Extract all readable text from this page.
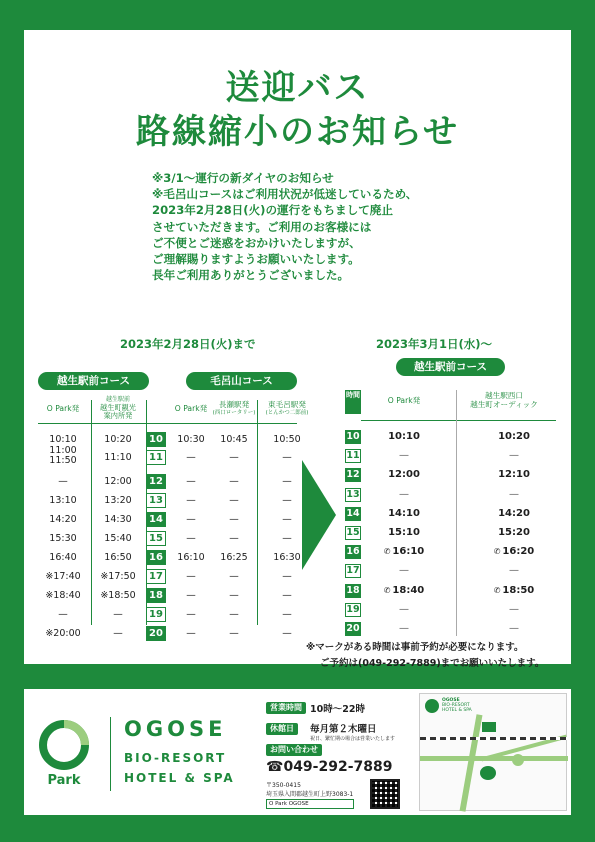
送迎バス
路線縮小のお知らせ
※3/1～運行の新ダイヤのお知らせ
※毛呂山コースはご利用状況が低迷しているため、
2023年2月28日(火)の運行をもちまして廃止
させていただきます。ご利用のお客様には
ご不便とご迷惑をおかけいたしますが、
ご理解賜りますようお願いいたします。
長年ご利用ありがとうございました。
2023年2月28日(火)まで
越生駅前コース	毛呂山コース
O Park発
越生駅前
越生町観光
案内所発
O Park発	長瀬駅発
(西口ロータリー)
東毛呂駅発
(とんかつ二郎前)
10:10	10:20	10	10:30	10:45	10:50
11:00
11:50	11:10	11	—	—	—
—	12:00	12	—	—	—
13:10	13:20	13	—	—	—
14:20	14:30	14	—	—	—
15:30	15:40	15	—	—	—
16:40	16:50	16	16:10	16:25	16:30
※17:40	※17:50	17	—	—	—
※18:40	※18:50	18	—	—	—
—	—	19	—	—	—
※20:00	—	20	—	—	—
2023年3月1日(水)～
越生駅前コース
時間
O Park発
越生駅西口
越生町オーディック
10	10:10	10:20
11	—	—
12	12:00	12:10
13	—	—
14	14:10	14:20
15	15:10	15:20
16	✆ 16:10	✆ 16:20
17	—	—
18	✆ 18:40	✆ 18:50
19	—	—
20	—	—
※マークがある時間は事前予約が必要になります。
ご予約は(049-292-7889)までお願いいたします。
Park
OGOSE
BIO-RESORT
HOTEL & SPA
営業時間 10時～22時
休館日	毎月第２木曜日
祝日、繁忙期の場合は営業いたします
お問い合わせ
☎049-292-7889
〒350-0415
埼玉県入間郡越生町上野3083-1
O Park OGOSE
OGOSE
BIO-RESORT
HOTEL & SPA
